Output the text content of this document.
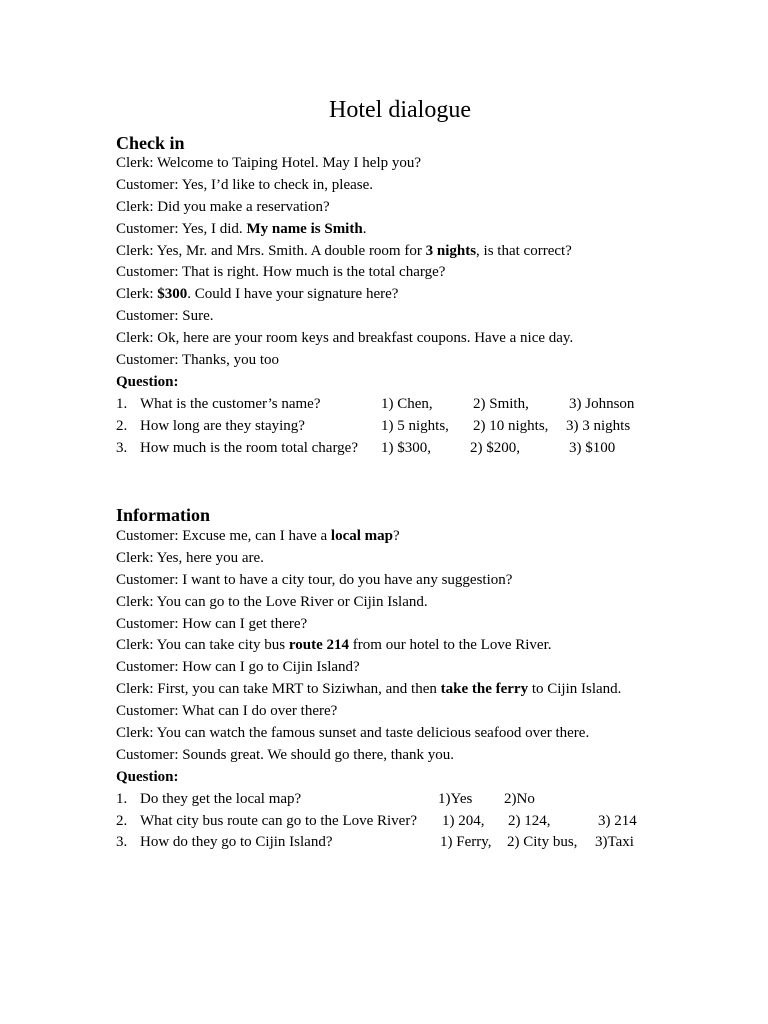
Hotel dialogue
Check in
Clerk: Welcome to Taiping Hotel. May I help you?
Customer: Yes, I’d like to check in, please.
Clerk: Did you make a reservation?
Customer: Yes, I did. My name is Smith.
Clerk: Yes, Mr. and Mrs. Smith. A double room for 3 nights, is that correct?
Customer: That is right. How much is the total charge?
Clerk: $300. Could I have your signature here?
Customer: Sure.
Clerk: Ok, here are your room keys and breakfast coupons. Have a nice day.
Customer: Thanks, you too
Question:
1. What is the customer’s name?	1) Chen,	2) Smith,	3) Johnson
2. How long are they staying?	1) 5 nights, 2) 10 nights, 3) 3 nights
3. How much is the room total charge? 1) $300,	2) $200,	3) $100
Information
Customer: Excuse me, can I have a local map?
Clerk: Yes, here you are.
Customer: I want to have a city tour, do you have any suggestion?
Clerk: You can go to the Love River or Cijin Island.
Customer: How can I get there?
Clerk: You can take city bus route 214 from our hotel to the Love River.
Customer: How can I go to Cijin Island?
Clerk: First, you can take MRT to Siziwhan, and then take the ferry to Cijin Island.
Customer: What can I do over there?
Clerk: You can watch the famous sunset and taste delicious seafood over there.
Customer: Sounds great. We should go there, thank you.
Question:
1. Do they get the local map?	1)Yes 2)No
2. What city bus route can go to the Love River? 1) 204, 2) 124,	3) 214
3. How do they go to Cijin Island?	1) Ferry, 2) City bus, 3)Taxi
